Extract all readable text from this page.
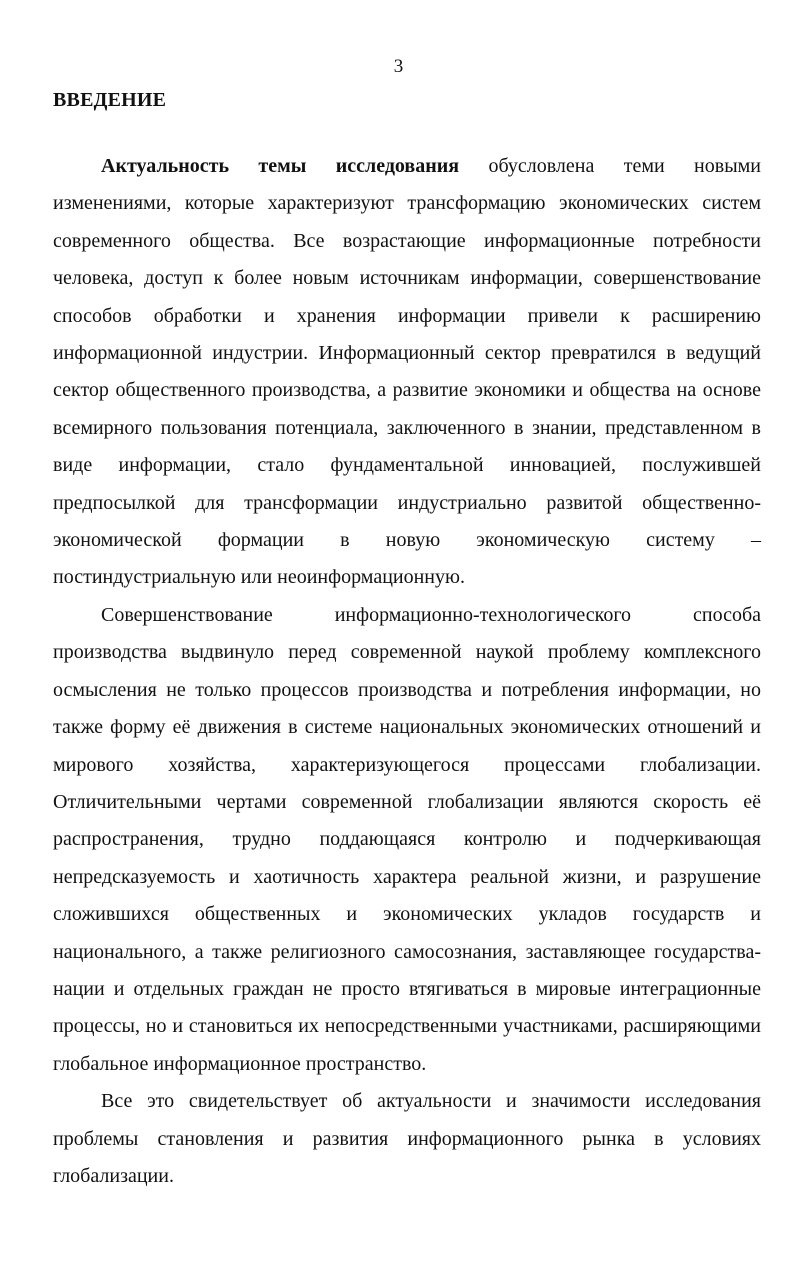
3
ВВЕДЕНИЕ

Актуальность темы исследования обусловлена теми новыми изменениями, которые характеризуют трансформацию экономических систем современного общества. Все возрастающие информационные потребности человека, доступ к более новым источникам информации, совершенствование способов обработки и хранения информации привели к расширению информационной индустрии. Информационный сектор превратился в ведущий сектор общественного производства, а развитие экономики и общества на основе всемирного пользования потенциала, заключенного в знании, представленном в виде информации, стало фундаментальной инновацией, послужившей предпосылкой для трансформации индустриально развитой общественно-экономической формации в новую экономическую систему – постиндустриальную или неоинформационную.

Совершенствование информационно-технологического способа производства выдвинуло перед современной наукой проблему комплексного осмысления не только процессов производства и потребления информации, но также форму её движения в системе национальных экономических отношений и мирового хозяйства, характеризующегося процессами глобализации. Отличительными чертами современной глобализации являются скорость её распространения, трудно поддающаяся контролю и подчеркивающая непредсказуемость и хаотичность характера реальной жизни, и разрушение сложившихся общественных и экономических укладов государств и национального, а также религиозного самосознания, заставляющее государства-нации и отдельных граждан не просто втягиваться в мировые интеграционные процессы, но и становиться их непосредственными участниками, расширяющими глобальное информационное пространство.

Все это свидетельствует об актуальности и значимости исследования проблемы становления и развития информационного рынка в условиях глобализации.
